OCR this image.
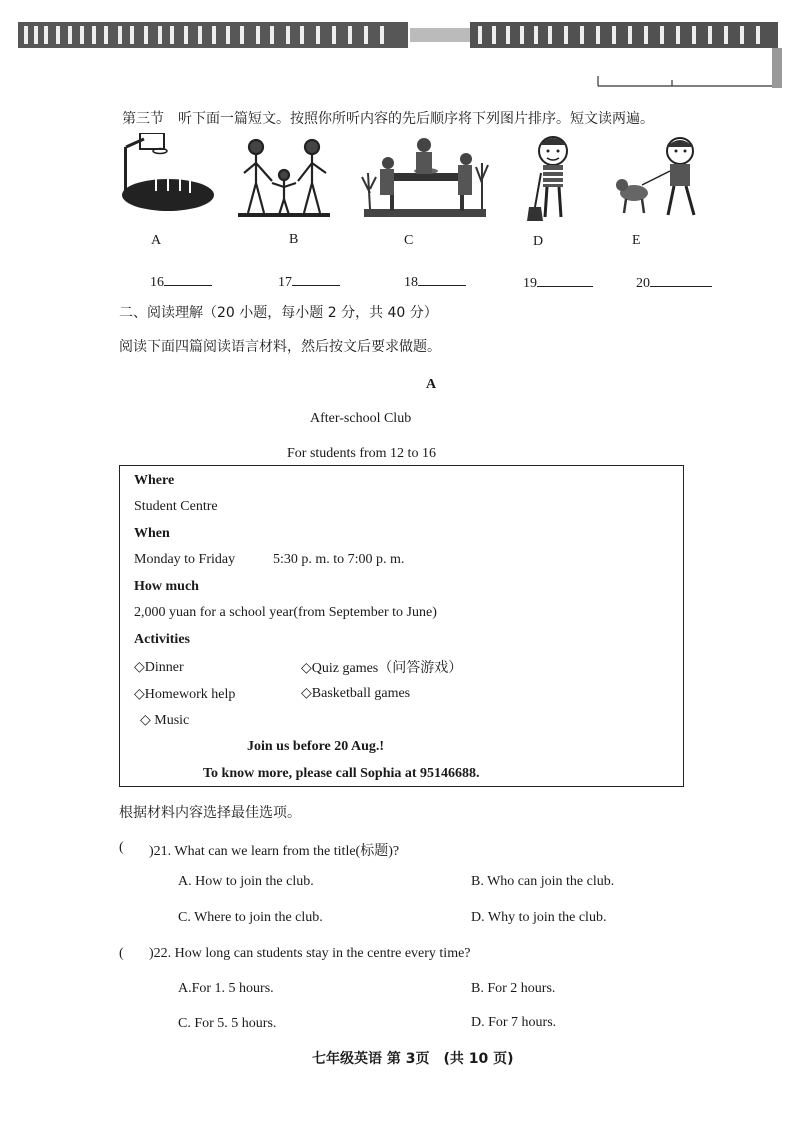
第三节　听下面一篇短文。按照你所听内容的先后顺序将下列图片排序。短文读两遍。
A	B	C	D	E
16	17	18	19	20
二、阅读理解（20 小题，每小题 2 分，共 40 分）
阅读下面四篇阅读语言材料，然后按文后要求做题。
A
After-school Club
For students from 12 to 16
Where
Student Centre
When
Monday to Friday	5:30 p. m. to 7:00 p. m.
How much
2,000 yuan for a school year(from September to June)
Activities
◇Dinner	◇Quiz games（问答游戏）
◇Homework help	◇Basketball games
◇ Music
Join us before 20 Aug.!
To know more, please call Sophia at 95146688.
根据材料内容选择最佳选项。
( )21. What can we learn from the title(标题)?
A. How to join the club.	B. Who can join the club.
C. Where to join the club.	D. Why to join the club.
( )22. How long can students stay in the centre every time?
A.For 1. 5 hours.	B. For 2 hours.
C. For 5. 5 hours.	D. For 7 hours.
七年级英语 第 3页　(共 10 页)
